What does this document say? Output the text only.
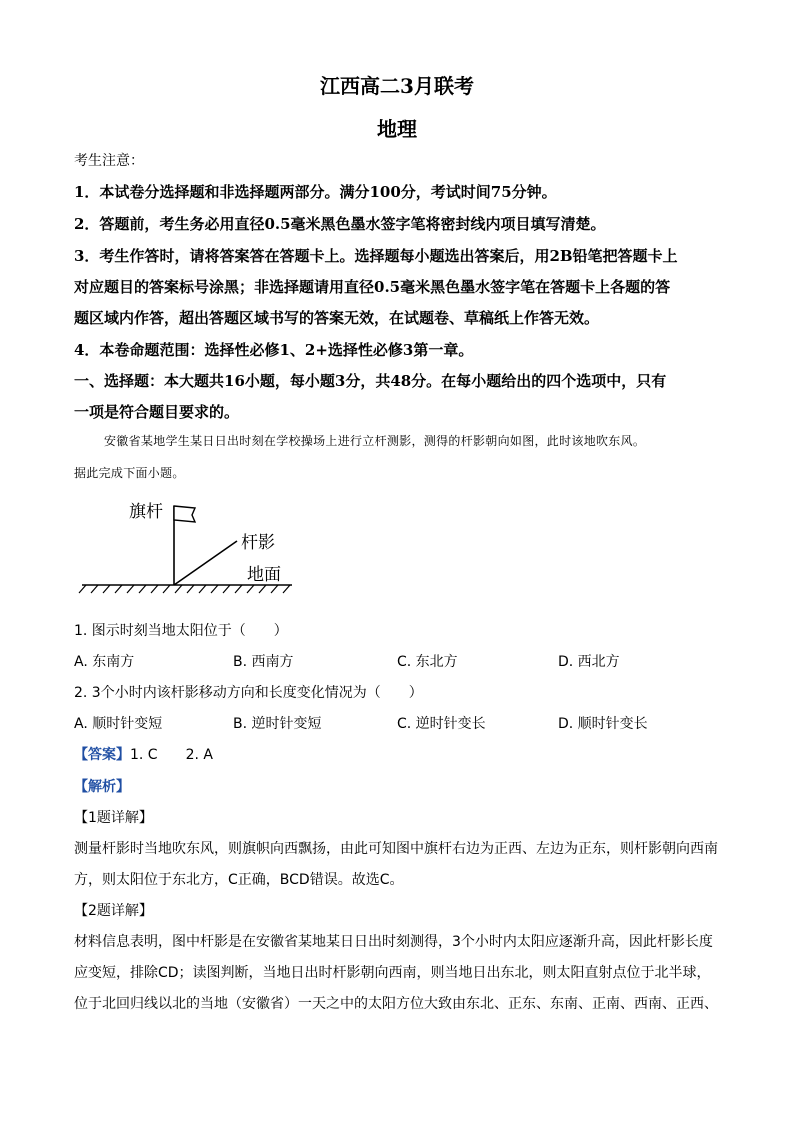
江西高二3月联考
地理
考生注意：
1．本试卷分选择题和非选择题两部分。满分100分，考试时间75分钟。
2．答题前，考生务必用直径0.5毫米黑色墨水签字笔将密封线内项目填写清楚。
3．考生作答时，请将答案答在答题卡上。选择题每小题选出答案后，用2B铅笔把答题卡上
对应题目的答案标号涂黑；非选择题请用直径0.5毫米黑色墨水签字笔在答题卡上各题的答
题区域内作答，超出答题区域书写的答案无效，在试题卷、草稿纸上作答无效。
4．本卷命题范围：选择性必修1、2+选择性必修3第一章。
一、选择题：本大题共16小题，每小题3分，共48分。在每小题给出的四个选项中，只有
一项是符合题目要求的。
安徽省某地学生某日日出时刻在学校操场上进行立杆测影，测得的杆影朝向如图，此时该地吹东风。
据此完成下面小题。
旗杆
杆影
地面
1. 图示时刻当地太阳位于（　　）
A. 东南方	B. 西南方	C. 东北方	D. 西北方
2. 3个小时内该杆影移动方向和长度变化情况为（　　）
A. 顺时针变短	B. 逆时针变短	C. 逆时针变长	D. 顺时针变长
【答案】1. C 2. A
【解析】
【1题详解】
测量杆影时当地吹东风，则旗帜向西飘扬，由此可知图中旗杆右边为正西、左边为正东，则杆影朝向西南
方，则太阳位于东北方，C正确，BCD错误。故选C。
【2题详解】
材料信息表明，图中杆影是在安徽省某地某日日出时刻测得，3个小时内太阳应逐渐升高，因此杆影长度
应变短，排除CD；读图判断，当地日出时杆影朝向西南，则当地日出东北，则太阳直射点位于北半球，
位于北回归线以北的当地（安徽省）一天之中的太阳方位大致由东北、正东、东南、正南、西南、正西、
